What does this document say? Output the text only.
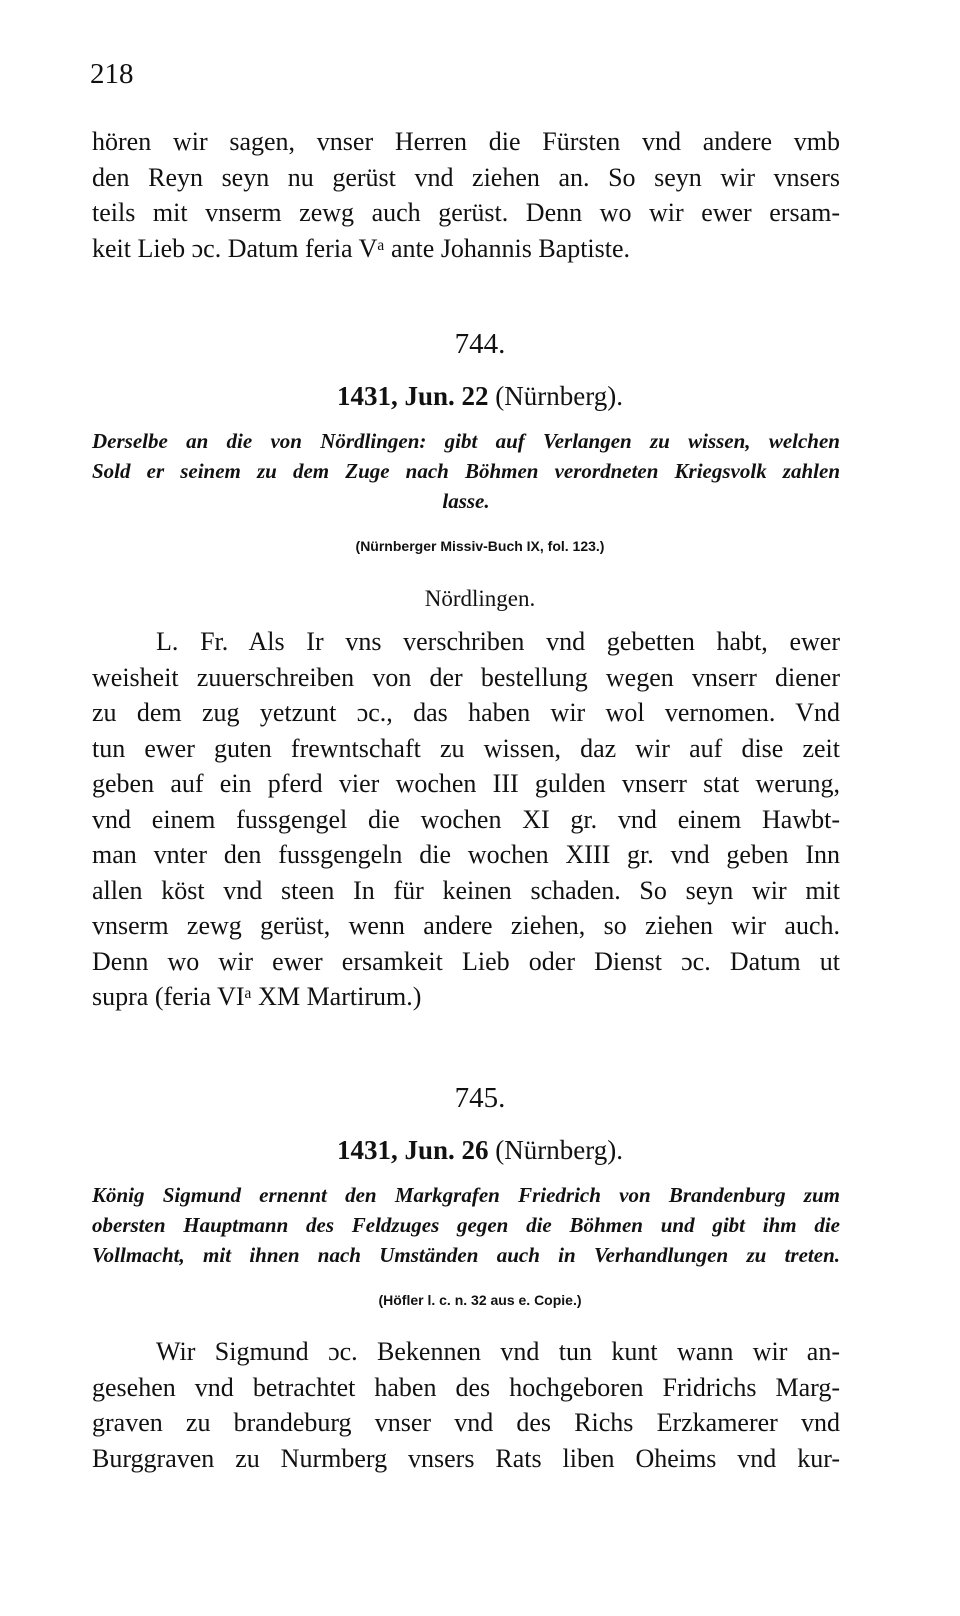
218
hören wir sagen, vnser Herren die Fürsten vnd andere vmb
den Reyn seyn nu gerüst vnd ziehen an. So seyn wir vnsers
teils mit vnserm zewg auch gerüst. Denn wo wir ewer ersam-
keit Lieb ɔc. Datum feria Vᵃ ante Johannis Baptiste.
744.
1431, Jun. 22 (Nürnberg).
Derselbe an die von Nördlingen: gibt auf Verlangen zu wissen, welchen
Sold er seinem zu dem Zuge nach Böhmen verordneten Kriegsvolk zahlen
lasse.
(Nürnberger Missiv-Buch IX, fol. 123.)
Nördlingen.
L. Fr. Als Ir vns verschriben vnd gebetten habt, ewer
weisheit zuuerschreiben von der bestellung wegen vnserr diener
zu dem zug yetzunt ɔc., das haben wir wol vernomen. Vnd
tun ewer guten frewntschaft zu wissen, daz wir auf dise zeit
geben auf ein pferd vier wochen III gulden vnserr stat werung,
vnd einem fussgengel die wochen XI gr. vnd einem Hawbt-
man vnter den fussgengeln die wochen XIII gr. vnd geben Inn
allen köst vnd steen In für keinen schaden. So seyn wir mit
vnserm zewg gerüst, wenn andere ziehen, so ziehen wir auch.
Denn wo wir ewer ersamkeit Lieb oder Dienst ɔc. Datum ut
supra (feria VIᵃ XM Martirum.)
745.
1431, Jun. 26 (Nürnberg).
König Sigmund ernennt den Markgrafen Friedrich von Brandenburg zum
obersten Hauptmann des Feldzuges gegen die Böhmen und gibt ihm die
Vollmacht, mit ihnen nach Umständen auch in Verhandlungen zu treten.
(Höfler l. c. n. 32 aus e. Copie.)
Wir Sigmund ɔc. Bekennen vnd tun kunt wann wir an-
gesehen vnd betrachtet haben des hochgeboren Fridrichs Marg-
graven zu brandeburg vnser vnd des Richs Erzkamerer vnd
Burggraven zu Nurmberg vnsers Rats liben Oheims vnd kur-
